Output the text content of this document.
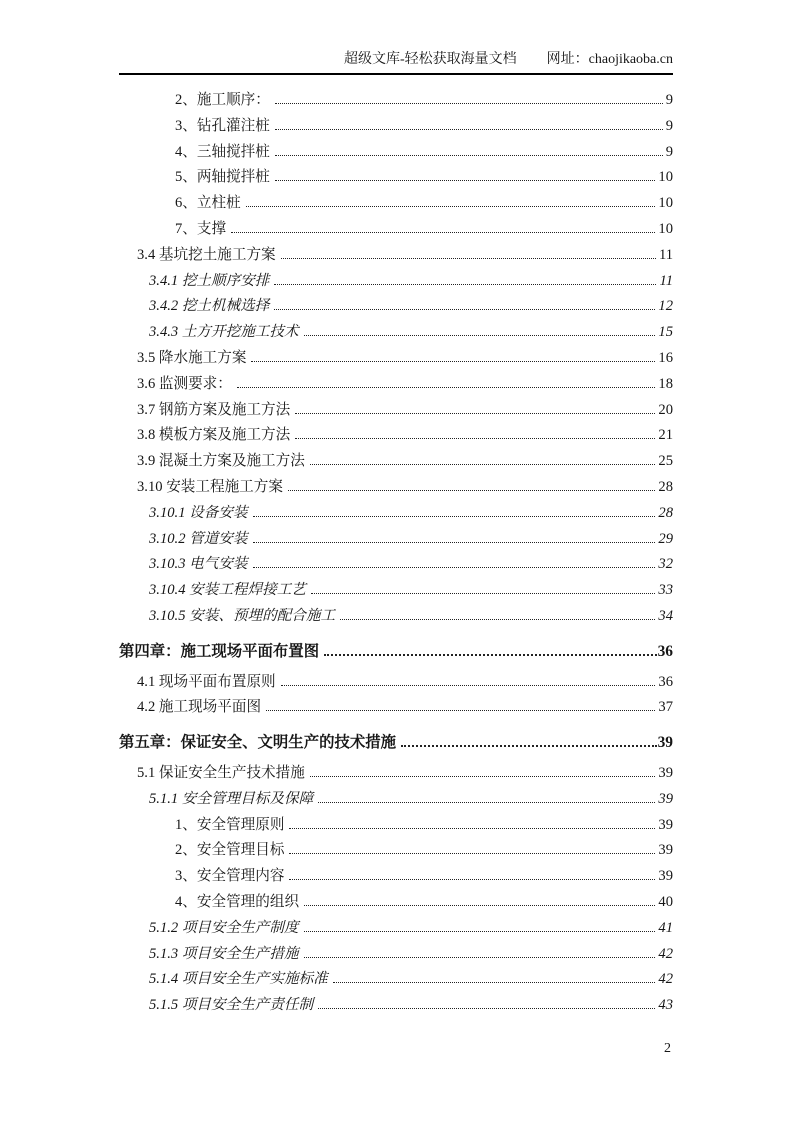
超级文库-轻松获取海量文档 网址：chaojikaoba.cn
2、施工顺序：	9
3、钻孔灌注桩	9
4、三轴搅拌桩	9
5、两轴搅拌桩	10
6、立柱桩	10
7、支撑	10
3.4 基坑挖土施工方案	11
3.4.1 挖土顺序安排	11
3.4.2 挖土机械选择	12
3.4.3 土方开挖施工技术	15
3.5 降水施工方案	16
3.6 监测要求：	18
3.7 钢筋方案及施工方法	20
3.8 模板方案及施工方法	21
3.9 混凝土方案及施工方法	25
3.10 安装工程施工方案	28
3.10.1 设备安装	28
3.10.2 管道安装	29
3.10.3 电气安装	32
3.10.4 安装工程焊接工艺	33
3.10.5 安装、预埋的配合施工	34
第四章：施工现场平面布置图	36
4.1 现场平面布置原则	36
4.2 施工现场平面图	37
第五章：保证安全、文明生产的技术措施	39
5.1 保证安全生产技术措施	39
5.1.1 安全管理目标及保障	39
1、安全管理原则	39
2、安全管理目标	39
3、安全管理内容	39
4、安全管理的组织	40
5.1.2 项目安全生产制度	41
5.1.3 项目安全生产措施	42
5.1.4 项目安全生产实施标准	42
5.1.5 项目安全生产责任制	43
2
